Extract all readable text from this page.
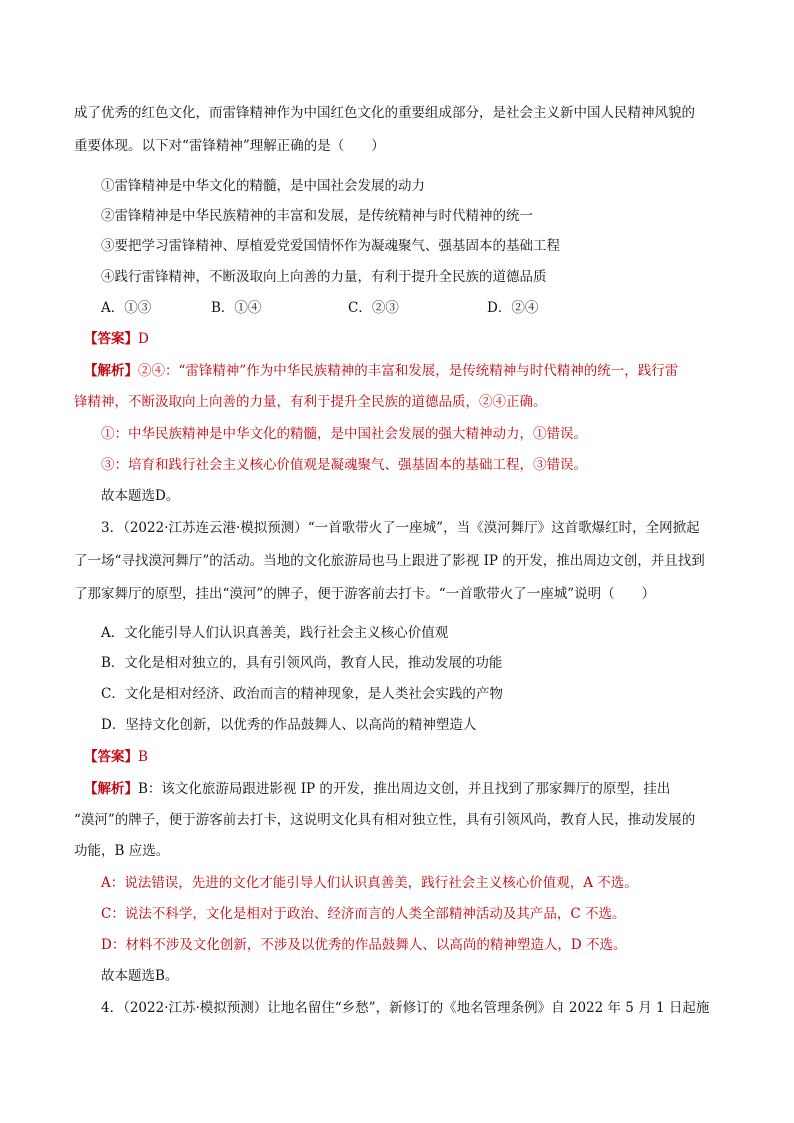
成了优秀的红色文化，而雷锋精神作为中国红色文化的重要组成部分，是社会主义新中国人民精神风貌的
重要体现。以下对“雷锋精神”理解正确的是（　　）
①雷锋精神是中华文化的精髓，是中国社会发展的动力
②雷锋精神是中华民族精神的丰富和发展，是传统精神与时代精神的统一
③要把学习雷锋精神、厚植爱党爱国情怀作为凝魂聚气、强基固本的基础工程
④践行雷锋精神，不断汲取向上向善的力量，有利于提升全民族的道德品质
A．①③	B．①④	C．②③	D．②④
【答案】D
【解析】②④：“雷锋精神”作为中华民族精神的丰富和发展，是传统精神与时代精神的统一，践行雷
锋精神，不断汲取向上向善的力量，有利于提升全民族的道德品质，②④正确。
①：中华民族精神是中华文化的精髓，是中国社会发展的强大精神动力，①错误。
③：培育和践行社会主义核心价值观是凝魂聚气、强基固本的基础工程，③错误。
故本题选D。
3．（2022·江苏连云港·模拟预测）“一首歌带火了一座城”，当《漠河舞厅》这首歌爆红时，全网掀起
了一场“寻找漠河舞厅”的活动。当地的文化旅游局也马上跟进了影视 IP 的开发，推出周边文创，并且找到
了那家舞厅的原型，挂出“漠河”的牌子，便于游客前去打卡。“一首歌带火了一座城”说明（　　）
A．文化能引导人们认识真善美，践行社会主义核心价值观
B．文化是相对独立的，具有引领风尚，教育人民，推动发展的功能
C．文化是相对经济、政治而言的精神现象，是人类社会实践的产物
D．坚持文化创新，以优秀的作品鼓舞人、以高尚的精神塑造人
【答案】B
【解析】B：该文化旅游局跟进影视 IP 的开发，推出周边文创，并且找到了那家舞厅的原型，挂出
“漠河”的牌子，便于游客前去打卡，这说明文化具有相对独立性，具有引领风尚，教育人民，推动发展的
功能，B 应选。
A：说法错误，先进的文化才能引导人们认识真善美，践行社会主义核心价值观，A 不选。
C：说法不科学，文化是相对于政治、经济而言的人类全部精神活动及其产品，C 不选。
D：材料不涉及文化创新，不涉及以优秀的作品鼓舞人、以高尚的精神塑造人，D 不选。
故本题选B。
4．（2022·江苏·模拟预测）让地名留住“乡愁”，新修订的《地名管理条例》自 2022 年 5 月 1 日起施
